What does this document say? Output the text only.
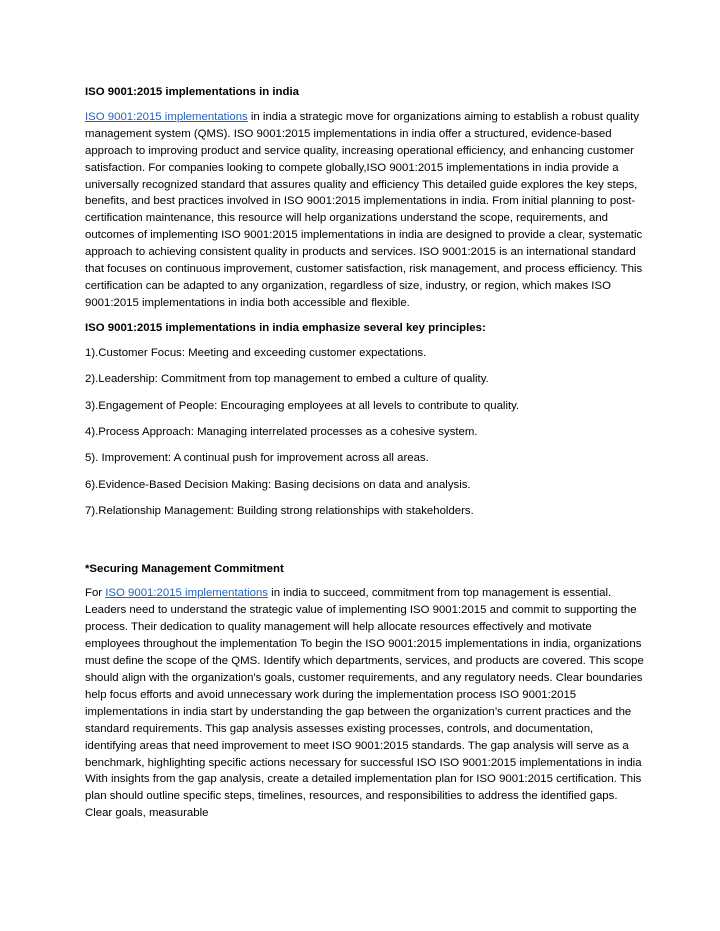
ISO 9001:2015 implementations in india

ISO 9001:2015 implementations in india a strategic move for organizations aiming to establish a robust quality management system (QMS). ISO 9001:2015 implementations in india offer a structured, evidence-based approach to improving product and service quality, increasing operational efficiency, and enhancing customer satisfaction. For companies looking to compete globally,ISO 9001:2015 implementations in india provide a universally recognized standard that assures quality and efficiency This detailed guide explores the key steps, benefits, and best practices involved in ISO 9001:2015 implementations in india. From initial planning to post-certification maintenance, this resource will help organizations understand the scope, requirements, and outcomes of implementing ISO 9001:2015 implementations in india are designed to provide a clear, systematic approach to achieving consistent quality in products and services. ISO 9001:2015 is an international standard that focuses on continuous improvement, customer satisfaction, risk management, and process efficiency. This certification can be adapted to any organization, regardless of size, industry, or region, which makes ISO 9001:2015 implementations in india both accessible and flexible.

ISO 9001:2015 implementations in india emphasize several key principles:

1).Customer Focus: Meeting and exceeding customer expectations.

2).Leadership: Commitment from top management to embed a culture of quality.

3).Engagement of People: Encouraging employees at all levels to contribute to quality.

4).Process Approach: Managing interrelated processes as a cohesive system.

5). Improvement: A continual push for improvement across all areas.

6).Evidence-Based Decision Making: Basing decisions on data and analysis.

7).Relationship Management: Building strong relationships with stakeholders.

*Securing Management Commitment

For ISO 9001:2015 implementations in india to succeed, commitment from top management is essential. Leaders need to understand the strategic value of implementing ISO 9001:2015 and commit to supporting the process. Their dedication to quality management will help allocate resources effectively and motivate employees throughout the implementation To begin the ISO 9001:2015 implementations in india, organizations must define the scope of the QMS. Identify which departments, services, and products are covered. This scope should align with the organization's goals, customer requirements, and any regulatory needs. Clear boundaries help focus efforts and avoid unnecessary work during the implementation process ISO 9001:2015 implementations in india start by understanding the gap between the organization’s current practices and the standard requirements. This gap analysis assesses existing processes, controls, and documentation, identifying areas that need improvement to meet ISO 9001:2015 standards. The gap analysis will serve as a benchmark, highlighting specific actions necessary for successful ISO ISO 9001:2015 implementations in india With insights from the gap analysis, create a detailed implementation plan for ISO 9001:2015 certification. This plan should outline specific steps, timelines, resources, and responsibilities to address the identified gaps. Clear goals, measurable
